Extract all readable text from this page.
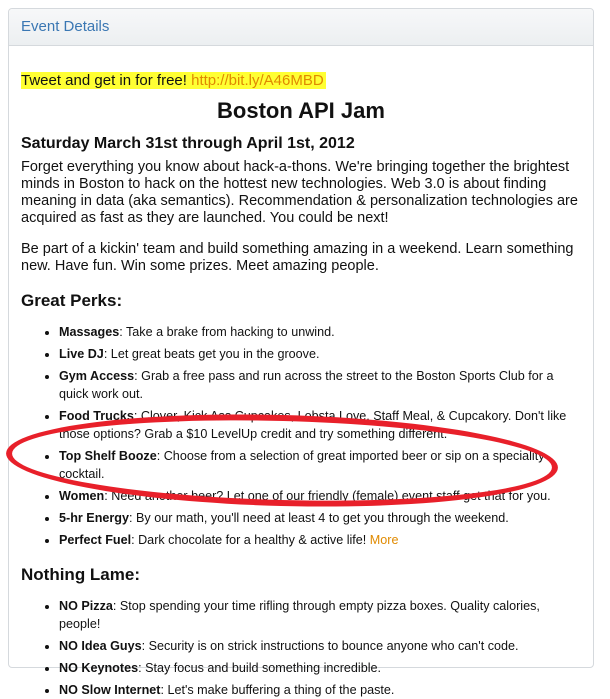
Event Details
Tweet and get in for free! http://bit.ly/A46MBD
Boston API Jam
Saturday March 31st through April 1st, 2012

Forget everything you know about hack-a-thons. We're bringing together the brightest minds in Boston to hack on the hottest new technologies. Web 3.0 is about finding meaning in data (aka semantics). Recommendation & personalization technologies are acquired as fast as they are launched. You could be next!

Be part of a kickin' team and build something amazing in a weekend. Learn something new. Have fun. Win some prizes. Meet amazing people.

Great Perks:
• Massages: Take a brake from hacking to unwind.
• Live DJ: Let great beats get you in the groove.
• Gym Access: Grab a free pass and run across the street to the Boston Sports Club for a quick work out.
• Food Trucks: Clover, Kick Ass Cupcakes, Lobsta Love, Staff Meal, & Cupcakory. Don't like those options? Grab a $10 LevelUp credit and try something different.
• Top Shelf Booze: Choose from a selection of great imported beer or sip on a speciality cocktail.
• Women: Need another beer? Let one of our friendly (female) event staff get that for you.
• 5-hr Energy: By our math, you'll need at least 4 to get you through the weekend.
• Perfect Fuel: Dark chocolate for a healthy & active life! More
Nothing Lame:
• NO Pizza: Stop spending your time rifling through empty pizza boxes. Quality calories, people!
• NO Idea Guys: Security is on strick instructions to bounce anyone who can't code.
• NO Keynotes: Stay focus and build something incredible.
• NO Slow Internet: Let's make buffering a thing of the paste.
